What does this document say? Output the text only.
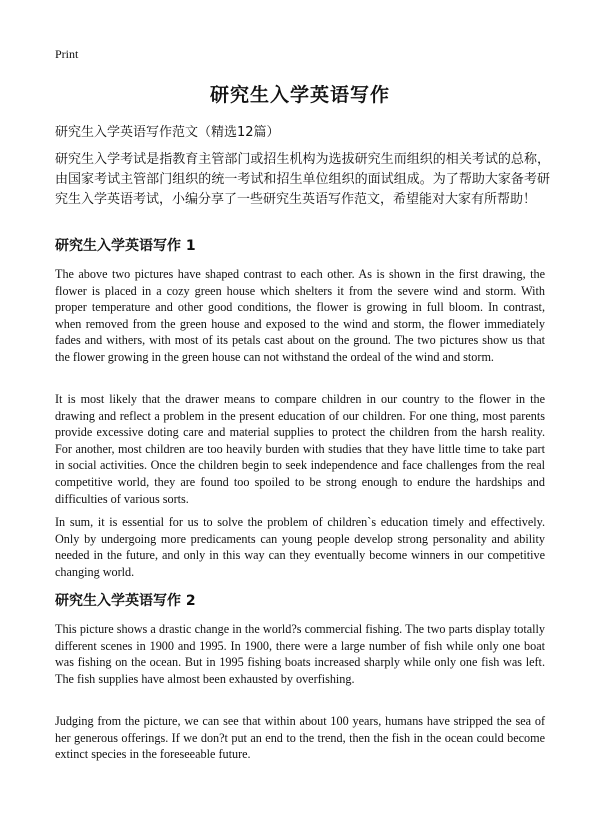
Print
研究生入学英语写作
研究生入学英语写作范文（精选12篇）
研究生入学考试是指教育主管部门或招生机构为选拔研究生而组织的相关考试的总称，由国家考试主管部门组织的统一考试和招生单位组织的面试组成。为了帮助大家备考研究生入学英语考试，小编分享了一些研究生英语写作范文，希望能对大家有所帮助！
研究生入学英语写作 1
The above two pictures have shaped contrast to each other. As is shown in the first drawing, the flower is placed in a cozy green house which shelters it from the severe wind and storm. With proper temperature and other good conditions, the flower is growing in full bloom. In contrast, when removed from the green house and exposed to the wind and storm, the flower immediately fades and withers, with most of its petals cast about on the ground. The two pictures show us that the flower growing in the green house can not withstand the ordeal of the wind and storm.
It is most likely that the drawer means to compare children in our country to the flower in the drawing and reflect a problem in the present education of our children. For one thing, most parents provide excessive doting care and material supplies to protect the children from the harsh reality. For another, most children are too heavily burden with studies that they have little time to take part in social activities. Once the children begin to seek independence and face challenges from the real competitive world, they are found too spoiled to be strong enough to endure the hardships and difficulties of various sorts.
In sum, it is essential for us to solve the problem of children`s education timely and effectively. Only by undergoing more predicaments can young people develop strong personality and ability needed in the future, and only in this way can they eventually become winners in our competitive changing world.
研究生入学英语写作 2
This picture shows a drastic change in the world?s commercial fishing. The two parts display totally different scenes in 1900 and 1995. In 1900, there were a large number of fish while only one boat was fishing on the ocean. But in 1995 fishing boats increased sharply while only one fish was left. The fish supplies have almost been exhausted by overfishing.
Judging from the picture, we can see that within about 100 years, humans have stripped the sea of her generous offerings. If we don?t put an end to the trend, then the fish in the ocean could become extinct species in the foreseeable future.
